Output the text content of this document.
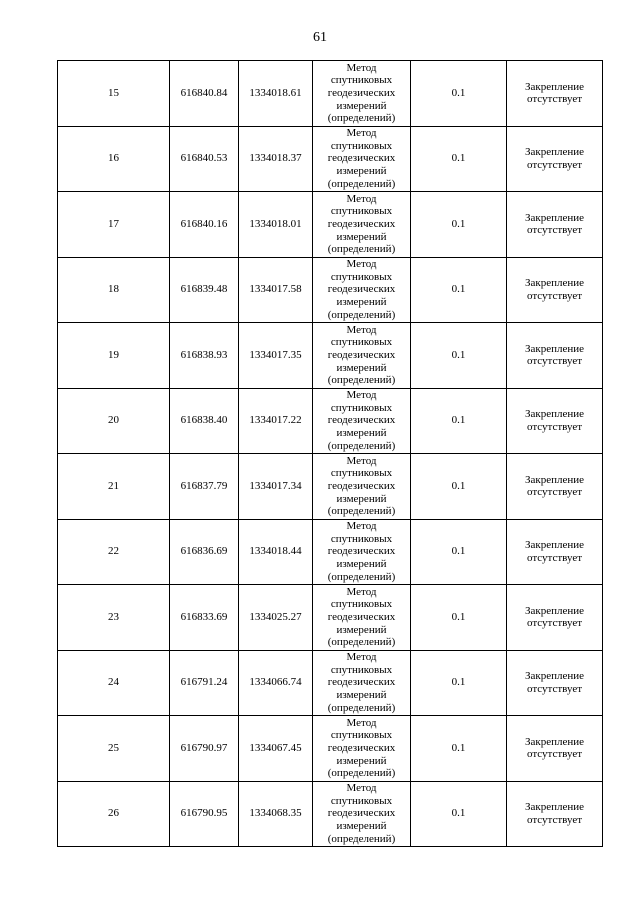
61
15	616840.84	1334018.61	Метод
спутниковых
геодезических
измерений
(определений)	0.1	Закрепление
отсутствует

16	616840.53	1334018.37	Метод
спутниковых
геодезических
измерений
(определений)	0.1	Закрепление
отсутствует

17	616840.16	1334018.01	Метод
спутниковых
геодезических
измерений
(определений)	0.1	Закрепление
отсутствует

18	616839.48	1334017.58	Метод
спутниковых
геодезических
измерений
(определений)	0.1	Закрепление
отсутствует

19	616838.93	1334017.35	Метод
спутниковых
геодезических
измерений
(определений)	0.1	Закрепление
отсутствует

20	616838.40	1334017.22	Метод
спутниковых
геодезических
измерений
(определений)	0.1	Закрепление
отсутствует

21	616837.79	1334017.34	Метод
спутниковых
геодезических
измерений
(определений)	0.1	Закрепление
отсутствует

22	616836.69	1334018.44	Метод
спутниковых
геодезических
измерений
(определений)	0.1	Закрепление
отсутствует

23	616833.69	1334025.27	Метод
спутниковых
геодезических
измерений
(определений)	0.1	Закрепление
отсутствует

24	616791.24	1334066.74	Метод
спутниковых
геодезических
измерений
(определений)	0.1	Закрепление
отсутствует

25	616790.97	1334067.45	Метод
спутниковых
геодезических
измерений
(определений)	0.1	Закрепление
отсутствует

26	616790.95	1334068.35	Метод
спутниковых
геодезических
измерений
(определений)	0.1	Закрепление
отсутствует
